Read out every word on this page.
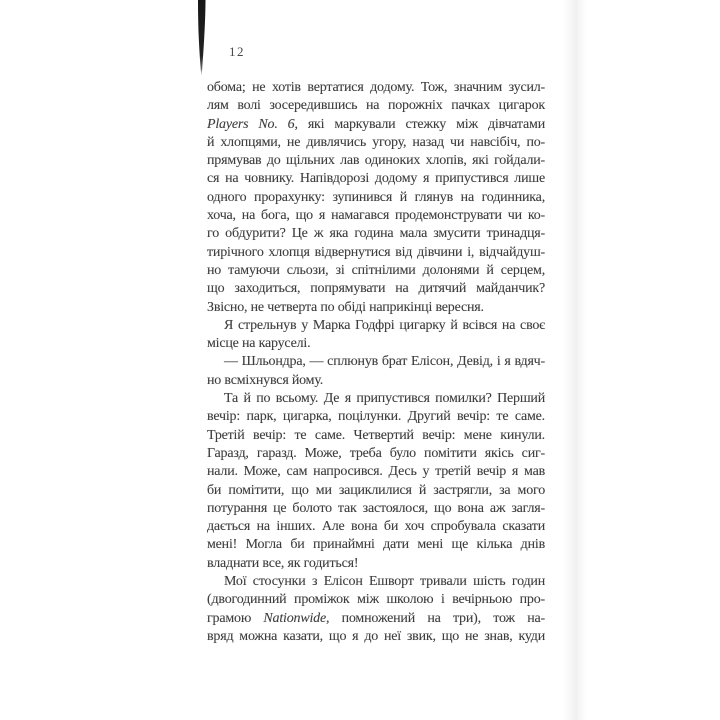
12
обома; не хотів вертатися додому. Тож, значним зусил-
лям волі зосередившись на порожніх пачках цигарок
Players No. 6, які маркували стежку між дівчатами
й хлопцями, не дивлячись угору, назад чи навсібіч, по-
прямував до щільних лав одиноких хлопів, які гойдали-
ся на човнику. Напівдорозі додому я припустився лише
одного прорахунку: зупинився й глянув на годинника,
хоча, на бога, що я намагався продемонструвати чи ко-
го обдурити? Це ж яка година мала змусити тринадця-
тирічного хлопця відвернутися від дівчини і, відчайдуш-
но тамуючи сльози, зі спітнілими долонями й серцем,
що заходиться, попрямувати на дитячий майданчик?
Звісно, не четверта по обіді наприкінці вересня.
Я стрельнув у Марка Годфрі цигарку й всівся на своє
місце на каруселі.
— Шльондра, — сплюнув брат Елісон, Девід, і я вдяч-
но всміхнувся йому.
Та й по всьому. Де я припустився помилки? Перший
вечір: парк, цигарка, поцілунки. Другий вечір: те саме.
Третій вечір: те саме. Четвертий вечір: мене кинули.
Гаразд, гаразд. Може, треба було помітити якісь сиг-
нали. Може, сам напросився. Десь у третій вечір я мав
би помітити, що ми зациклилися й застрягли, за мого
потурання це болото так застоялося, що вона аж загля-
дається на інших. Але вона би хоч спробувала сказати
мені! Могла би принаймні дати мені ще кілька днів
владнати все, як годиться!
Мої стосунки з Елісон Ешворт тривали шість годин
(двогодинний проміжок між школою і вечірньою про-
грамою Nationwide, помножений на три), тож на-
вряд можна казати, що я до неї звик, що не знав, куди
